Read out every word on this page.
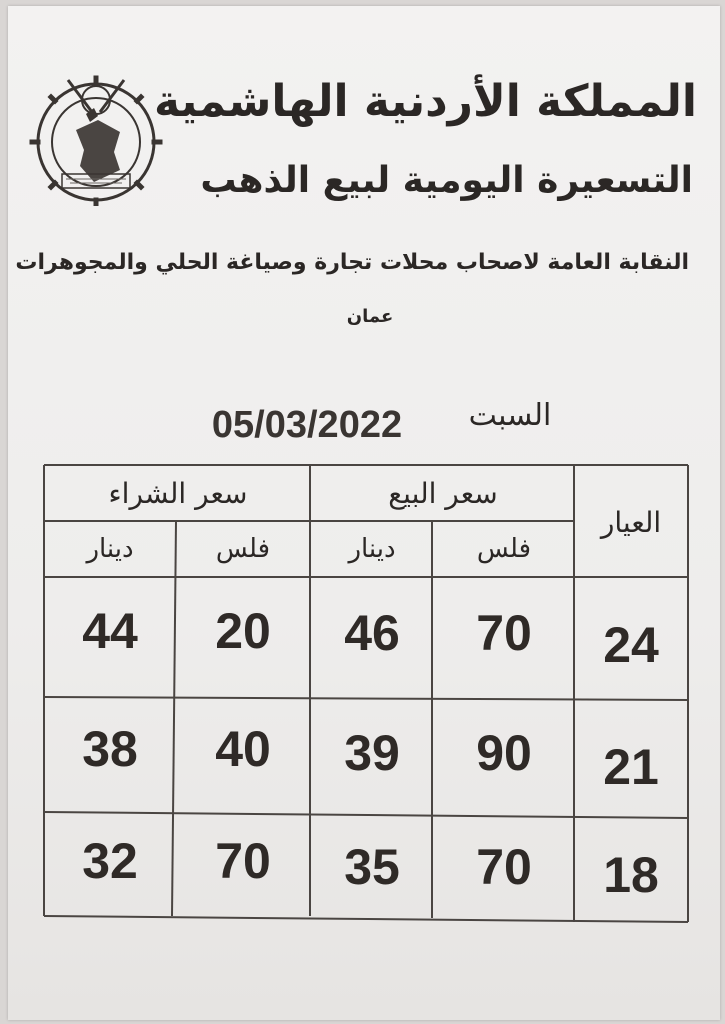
المملكة الأردنية الهاشمية
التسعيرة اليومية لبيع الذهب
النقابة العامة لاصحاب محلات تجارة وصياغة الحلي والمجوهرات
عمان
السبت
05/03/2022
العيار
سعر البيع
سعر الشراء
فلس
دينار
فلس
دينار
24
70
46
20
44
21
90
39
40
38
18
70
35
70
32
